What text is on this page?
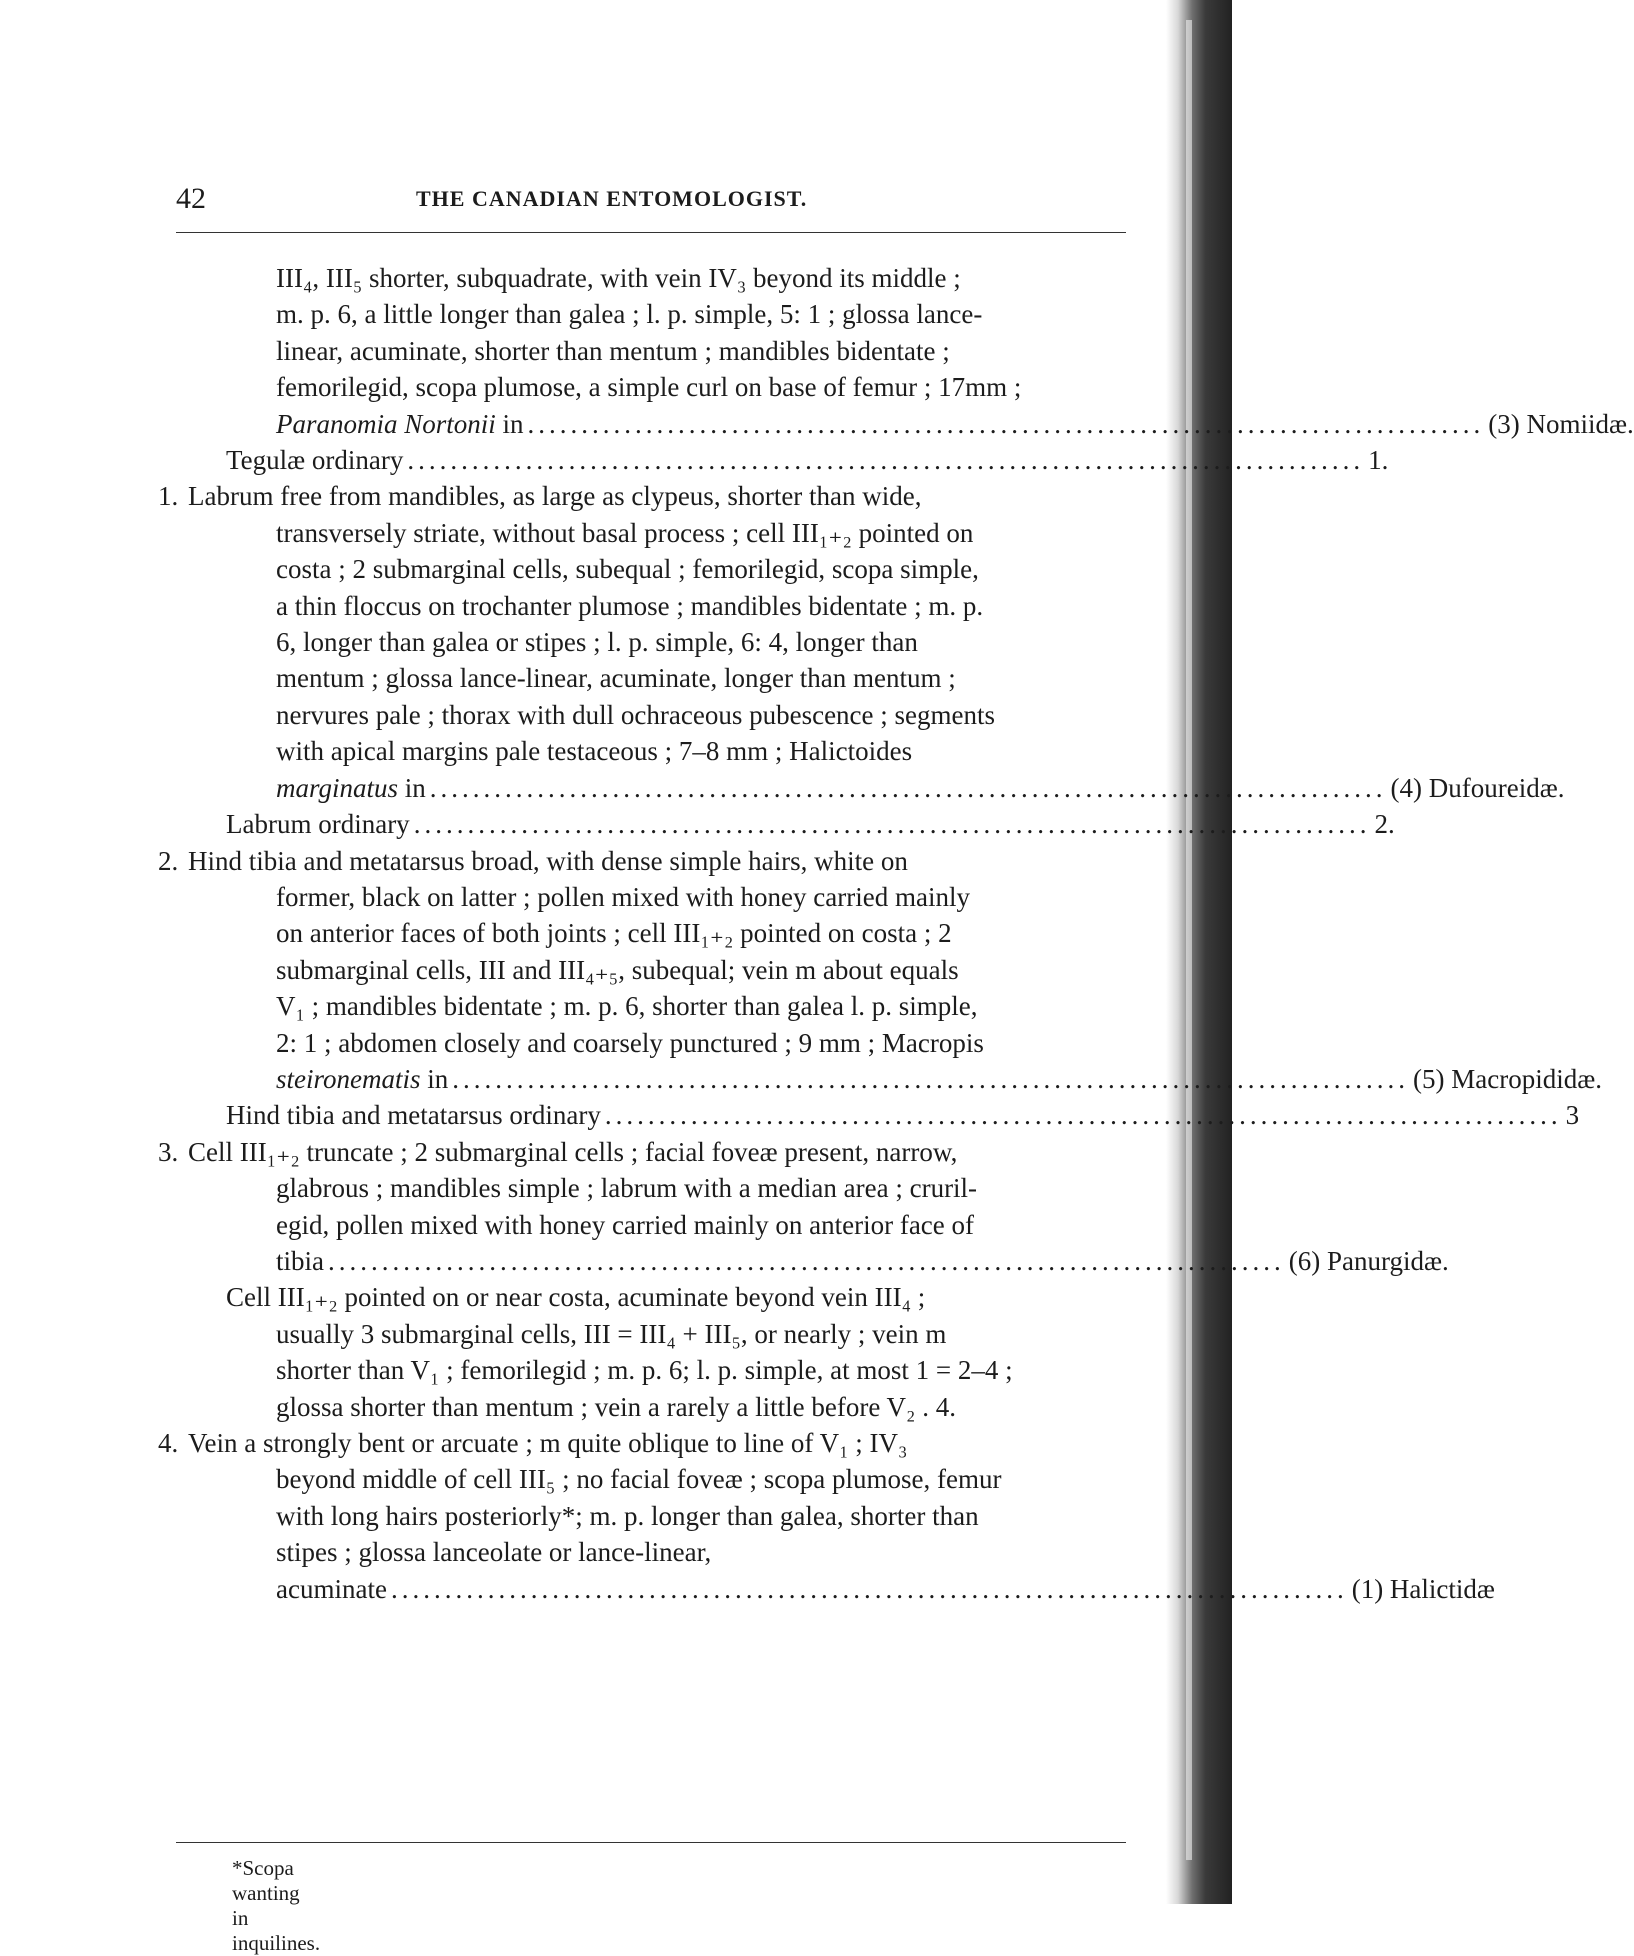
42	THE CANADIAN ENTOMOLOGIST.
III₄, III₅ shorter, subquadrate, with vein IV₃ beyond its middle ;
m. p. 6, a little longer than galea ; l. p. simple, 5: 1 ; glossa lance-
linear, acuminate, shorter than mentum ; mandibles bidentate ;
femorilegid, scopa plumose, a simple curl on base of femur ; 17mm ;
Paranomia Nortonii in ......................................................................................... (3) Nomiidæ.
Tegulæ ordinary ......................................................................................... 1.
1. Labrum free from mandibles, as large as clypeus, shorter than wide,
transversely striate, without basal process ; cell III₁₊₂ pointed on
costa ; 2 submarginal cells, subequal ; femorilegid, scopa simple,
a thin floccus on trochanter plumose ; mandibles bidentate ; m. p.
6, longer than galea or stipes ; l. p. simple, 6: 4, longer than
mentum ; glossa lance-linear, acuminate, longer than mentum ;
nervures pale ; thorax with dull ochraceous pubescence ; segments
with apical margins pale testaceous ; 7–8 mm ; Halictoides
marginatus in ......................................................................................... (4) Dufoureidæ.
Labrum ordinary ......................................................................................... 2.
2. Hind tibia and metatarsus broad, with dense simple hairs, white on
former, black on latter ; pollen mixed with honey carried mainly
on anterior faces of both joints ; cell III₁₊₂ pointed on costa ; 2
submarginal cells, III and III₄₊₅, subequal; vein m about equals
V₁ ; mandibles bidentate ; m. p. 6, shorter than galea l. p. simple,
2: 1 ; abdomen closely and coarsely punctured ; 9 mm ; Macropis
steironematis in ......................................................................................... (5) Macropididæ.
Hind tibia and metatarsus ordinary ......................................................................................... 3
3. Cell III₁₊₂ truncate ; 2 submarginal cells ; facial foveæ present, narrow,
glabrous ; mandibles simple ; labrum with a median area ; cruril-
egid, pollen mixed with honey carried mainly on anterior face of
tibia ......................................................................................... (6) Panurgidæ.
Cell III₁₊₂ pointed on or near costa, acuminate beyond vein III₄ ;
usually 3 submarginal cells, III = III₄ + III₅, or nearly ; vein m
shorter than V₁ ; femorilegid ; m. p. 6; l. p. simple, at most 1 = 2–4 ;
glossa shorter than mentum ; vein a rarely a little before V₂ . 4.
4. Vein a strongly bent or arcuate ; m quite oblique to line of V₁ ; IV₃
beyond middle of cell III₅ ; no facial foveæ ; scopa plumose, femur
with long hairs posteriorly*; m. p. longer than galea, shorter than
stipes ; glossa lanceolate or lance-linear,
acuminate ......................................................................................... (1) Halictidæ
*Scopa wanting in inquilines.
